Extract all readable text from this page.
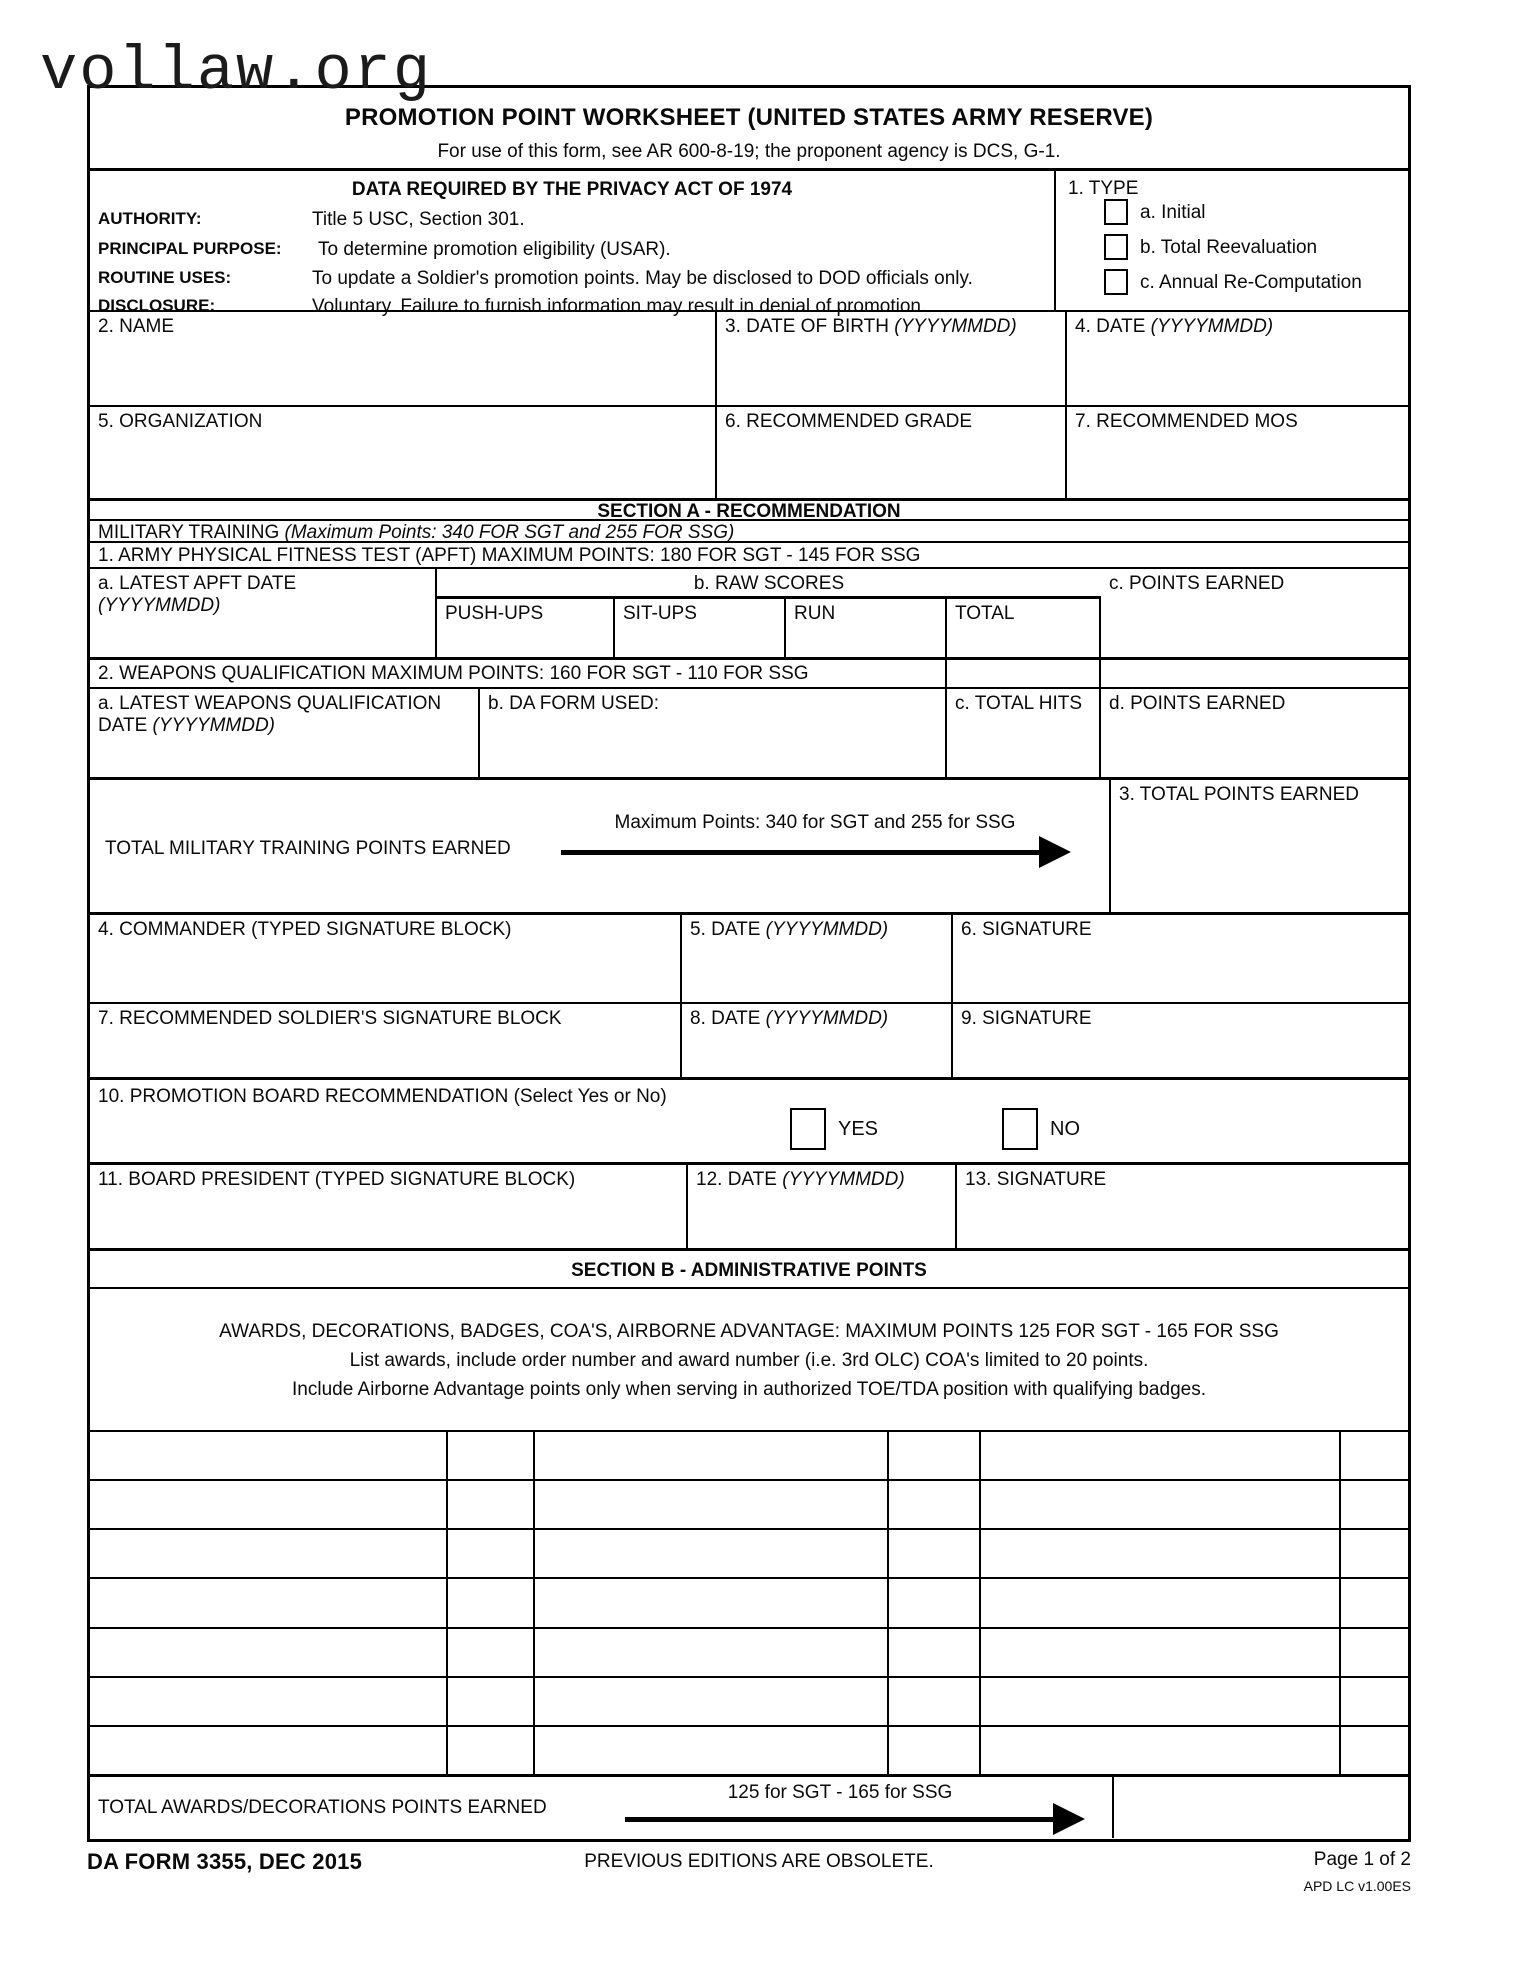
vollaw.org
PROMOTION POINT WORKSHEET (UNITED STATES ARMY RESERVE)
For use of this form, see AR 600-8-19; the proponent agency is DCS, G-1.
DATA REQUIRED BY THE PRIVACY ACT OF 1974
AUTHORITY:	Title 5 USC, Section 301.
PRINCIPAL PURPOSE: To determine promotion eligibility (USAR).
ROUTINE USES:	To update a Soldier's promotion points. May be disclosed to DOD officials only.
DISCLOSURE:	Voluntary. Failure to furnish information may result in denial of promotion.
1. TYPE
a. Initial
b. Total Reevaluation
c. Annual Re-Computation
2. NAME	3. DATE OF BIRTH (YYYYMMDD)	4. DATE (YYYYMMDD)
5. ORGANIZATION	6. RECOMMENDED GRADE	7. RECOMMENDED MOS
SECTION A - RECOMMENDATION
MILITARY TRAINING (Maximum Points: 340 FOR SGT and 255 FOR SSG)
1. ARMY PHYSICAL FITNESS TEST (APFT) MAXIMUM POINTS: 180 FOR SGT - 145 FOR SSG
a. LATEST APFT DATE
(YYYYMMDD)
b. RAW SCORES
PUSH-UPS	SIT-UPS	RUN	TOTAL
c. POINTS EARNED
2. WEAPONS QUALIFICATION MAXIMUM POINTS: 160 FOR SGT - 110 FOR SSG
a. LATEST WEAPONS QUALIFICATION DATE (YYYYMMDD)
b. DA FORM USED:	c. TOTAL HITS	d. POINTS EARNED
TOTAL MILITARY TRAINING POINTS EARNED
Maximum Points: 340 for SGT and 255 for SSG
3. TOTAL POINTS EARNED
4. COMMANDER (TYPED SIGNATURE BLOCK)	5. DATE (YYYYMMDD)	6. SIGNATURE
7. RECOMMENDED SOLDIER'S SIGNATURE BLOCK	8. DATE (YYYYMMDD)	9. SIGNATURE
10. PROMOTION BOARD RECOMMENDATION (Select Yes or No)
YES	NO
11. BOARD PRESIDENT (TYPED SIGNATURE BLOCK)	12. DATE (YYYYMMDD)	13. SIGNATURE
SECTION B - ADMINISTRATIVE POINTS
AWARDS, DECORATIONS, BADGES, COA'S, AIRBORNE ADVANTAGE: MAXIMUM POINTS 125 FOR SGT - 165 FOR SSG
List awards, include order number and award number (i.e. 3rd OLC) COA's limited to 20 points.
Include Airborne Advantage points only when serving in authorized TOE/TDA position with qualifying badges.
TOTAL AWARDS/DECORATIONS POINTS EARNED
125 for SGT - 165 for SSG
DA FORM 3355, DEC 2015	PREVIOUS EDITIONS ARE OBSOLETE.	Page 1 of 2
APD LC v1.00ES
